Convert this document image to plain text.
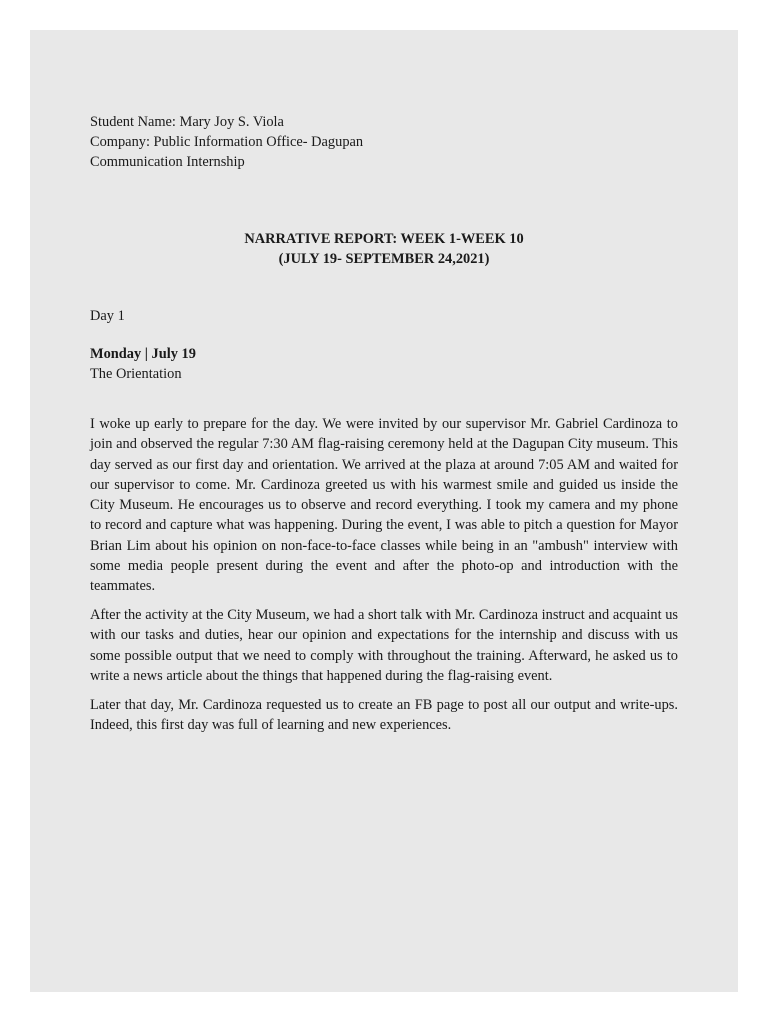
Student Name: Mary Joy S. Viola
Company: Public Information Office- Dagupan
Communication Internship
NARRATIVE REPORT: WEEK 1-WEEK 10
(JULY 19- SEPTEMBER 24,2021)
Day 1
Monday | July 19
The Orientation

I woke up early to prepare for the day. We were invited by our supervisor Mr. Gabriel Cardinoza to join and observed the regular 7:30 AM flag-raising ceremony held at the Dagupan City museum. This day served as our first day and orientation. We arrived at the plaza at around 7:05 AM and waited for our supervisor to come. Mr. Cardinoza greeted us with his warmest smile and guided us inside the City Museum. He encourages us to observe and record everything. I took my camera and my phone to record and capture what was happening. During the event, I was able to pitch a question for Mayor Brian Lim about his opinion on non-face-to-face classes while being in an "ambush" interview with some media people present during the event and after the photo-op and introduction with the teammates.

After the activity at the City Museum, we had a short talk with Mr. Cardinoza instruct and acquaint us with our tasks and duties, hear our opinion and expectations for the internship and discuss with us some possible output that we need to comply with throughout the training. Afterward, he asked us to write a news article about the things that happened during the flag-raising event.

Later that day, Mr. Cardinoza requested us to create an FB page to post all our output and write-ups. Indeed, this first day was full of learning and new experiences.
